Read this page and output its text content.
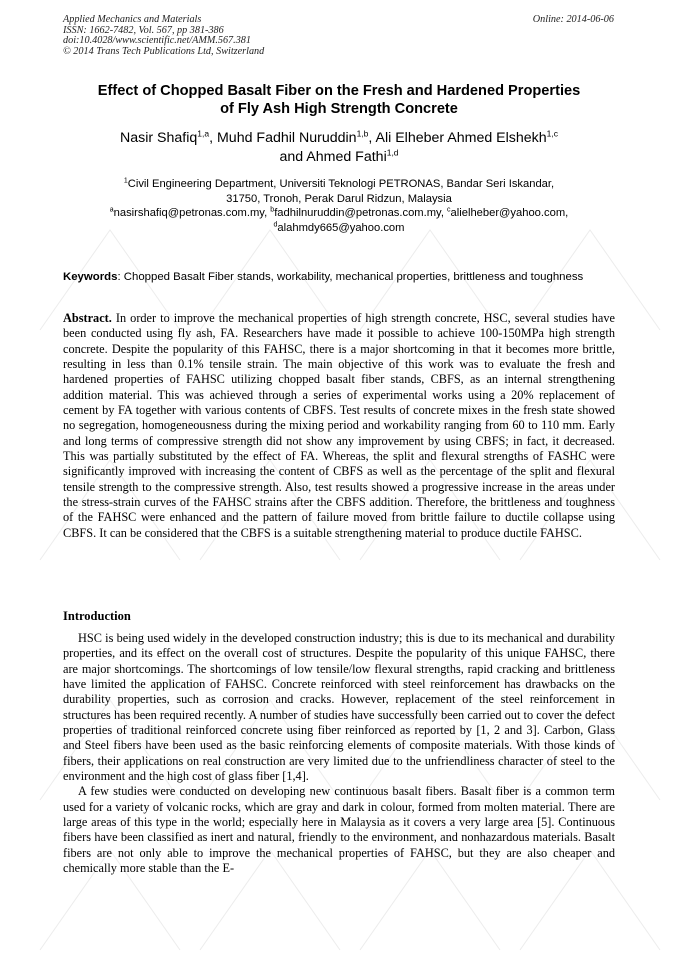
Applied Mechanics and Materials
ISSN: 1662-7482, Vol. 567, pp 381-386
doi:10.4028/www.scientific.net/AMM.567.381
© 2014 Trans Tech Publications Ltd, Switzerland
Online: 2014-06-06
Effect of Chopped Basalt Fiber on the Fresh and Hardened Properties
of Fly Ash High Strength Concrete
Nasir Shafiq$^{1,a}$, Muhd Fadhil Nuruddin$^{1,b}$, Ali Elheber Ahmed Elshekh$^{1,c}$
and Ahmed Fathi$^{1,d}$
$^1$Civil Engineering Department, Universiti Teknologi PETRONAS, Bandar Seri Iskandar,
31750, Tronoh, Perak Darul Ridzun, Malaysia
$^a$nasirshafiq@petronas.com.my, $^b$fadhilnuruddin@petronas.com.my, $^c$alielheber@yahoo.com,
$^d$alahmdy665@yahoo.com
Keywords: Chopped Basalt Fiber stands, workability, mechanical properties, brittleness and toughness
Abstract. In order to improve the mechanical properties of high strength concrete, HSC, several studies have been conducted using fly ash, FA. Researchers have made it possible to achieve 100-150MPa high strength concrete. Despite the popularity of this FAHSC, there is a major shortcoming in that it becomes more brittle, resulting in less than 0.1% tensile strain. The main objective of this work was to evaluate the fresh and hardened properties of FAHSC utilizing chopped basalt fiber stands, CBFS, as an internal strengthening addition material. This was achieved through a series of experimental works using a 20% replacement of cement by FA together with various contents of CBFS. Test results of concrete mixes in the fresh state showed no segregation, homogeneousness during the mixing period and workability ranging from 60 to 110 mm. Early and long terms of compressive strength did not show any improvement by using CBFS; in fact, it decreased. This was partially substituted by the effect of FA. Whereas, the split and flexural strengths of FASHC were significantly improved with increasing the content of CBFS as well as the percentage of the split and flexural tensile strength to the compressive strength. Also, test results showed a progressive increase in the areas under the stress-strain curves of the FAHSC strains after the CBFS addition. Therefore, the brittleness and toughness of the FAHSC were enhanced and the pattern of failure moved from brittle failure to ductile collapse using CBFS. It can be considered that the CBFS is a suitable strengthening material to produce ductile FAHSC.
Introduction

HSC is being used widely in the developed construction industry; this is due to its mechanical and durability properties, and its effect on the overall cost of structures. Despite the popularity of this unique FAHSC, there are major shortcomings. The shortcomings of low tensile/low flexural strengths, rapid cracking and brittleness have limited the application of FAHSC. Concrete reinforced with steel reinforcement has drawbacks on the durability properties, such as corrosion and cracks. However, replacement of the steel reinforcement in structures has been required recently. A number of studies have successfully been carried out to cover the defect properties of traditional reinforced concrete using fiber reinforced as reported by [1, 2 and 3]. Carbon, Glass and Steel fibers have been used as the basic reinforcing elements of composite materials. With those kinds of fibers, their applications on real construction are very limited due to the unfriendliness character of steel to the environment and the high cost of glass fiber [1,4].

A few studies were conducted on developing new continuous basalt fibers. Basalt fiber is a common term used for a variety of volcanic rocks, which are gray and dark in colour, formed from molten material. There are large areas of this type in the world; especially here in Malaysia as it covers a very large area [5]. Continuous fibers have been classified as inert and natural, friendly to the environment, and nonhazardous materials. Basalt fibers are not only able to improve the mechanical properties of FAHSC, but they are also cheaper and chemically more stable than the E-
